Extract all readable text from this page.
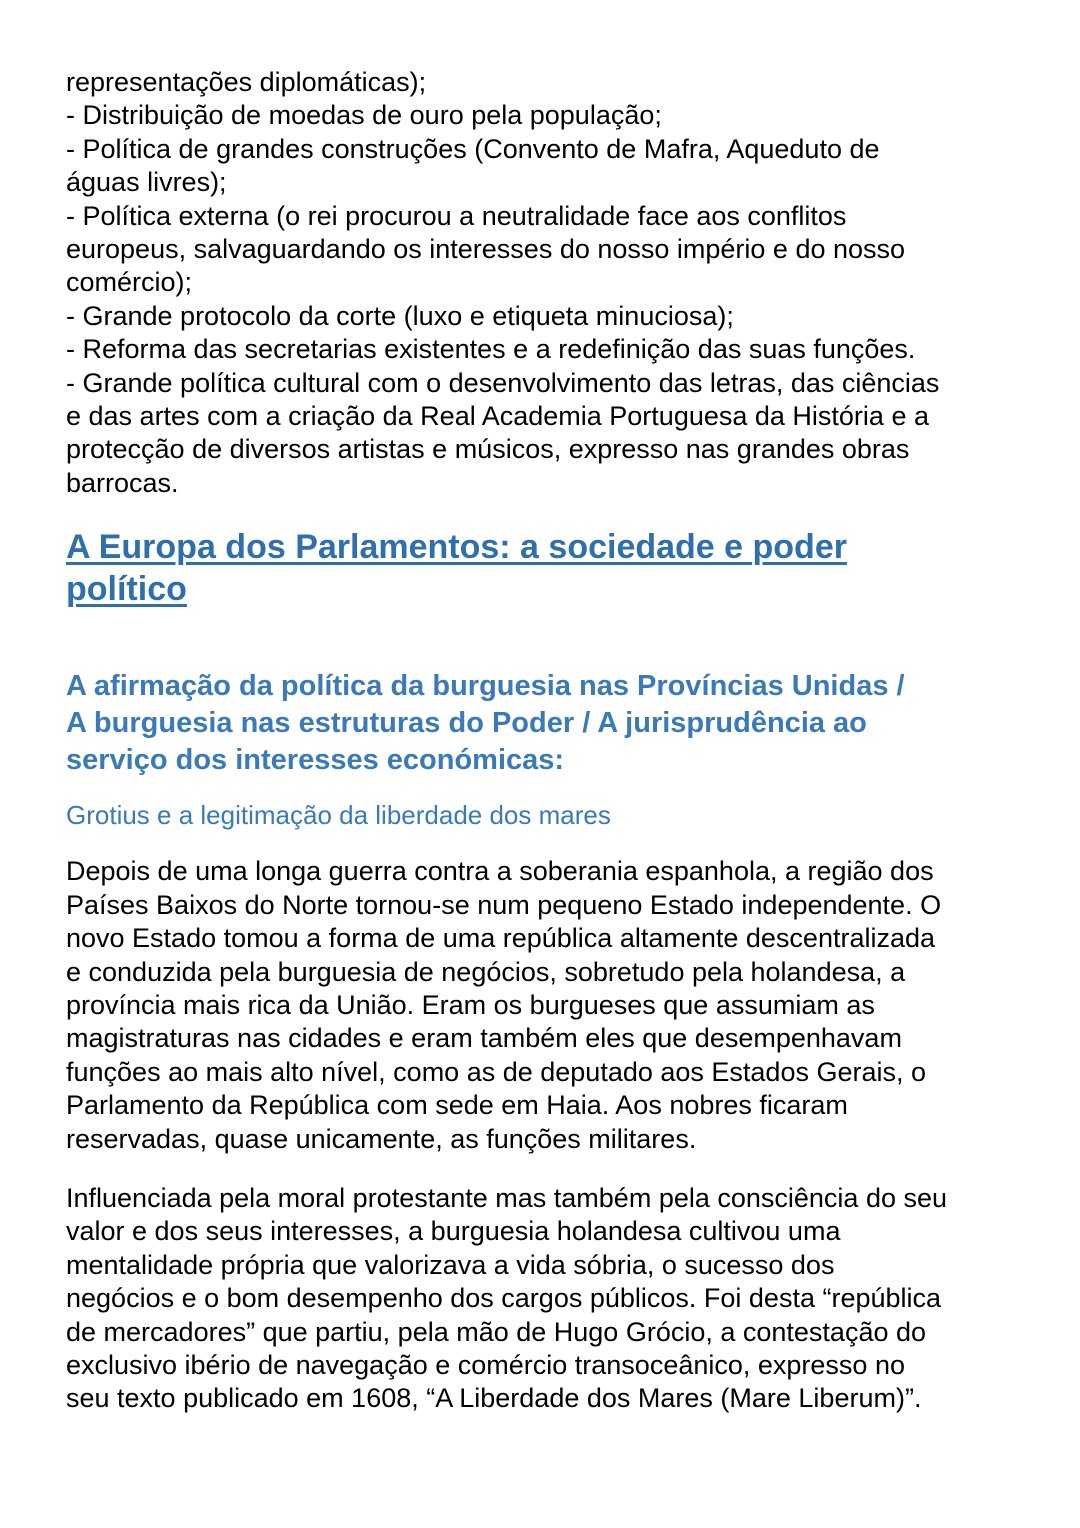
representações diplomáticas);
- Distribuição de moedas de ouro pela população;
- Política de grandes construções (Convento de Mafra, Aqueduto de
águas livres);
- Política externa (o rei procurou a neutralidade face aos conflitos
europeus, salvaguardando os interesses do nosso império e do nosso
comércio);
- Grande protocolo da corte (luxo e etiqueta minuciosa);
- Reforma das secretarias existentes e a redefinição das suas funções.
- Grande política cultural com o desenvolvimento das letras, das ciências
e das artes com a criação da Real Academia Portuguesa da História e a
protecção de diversos artistas e músicos, expresso nas grandes obras
barrocas.
A Europa dos Parlamentos: a sociedade e poder
político
A afirmação da política da burguesia nas Províncias Unidas /
A burguesia nas estruturas do Poder / A jurisprudência ao
serviço dos interesses económicas:
Grotius e a legitimação da liberdade dos mares
Depois de uma longa guerra contra a soberania espanhola, a região dos
Países Baixos do Norte tornou-se num pequeno Estado independente. O
novo Estado tomou a forma de uma república altamente descentralizada
e conduzida pela burguesia de negócios, sobretudo pela holandesa, a
província mais rica da União. Eram os burgueses que assumiam as
magistraturas nas cidades e eram também eles que desempenhavam
funções ao mais alto nível, como as de deputado aos Estados Gerais, o
Parlamento da República com sede em Haia. Aos nobres ficaram
reservadas, quase unicamente, as funções militares.
Influenciada pela moral protestante mas também pela consciência do seu
valor e dos seus interesses, a burguesia holandesa cultivou uma
mentalidade própria que valorizava a vida sóbria, o sucesso dos
negócios e o bom desempenho dos cargos públicos. Foi desta “república
de mercadores” que partiu, pela mão de Hugo Grócio, a contestação do
exclusivo ibério de navegação e comércio transoceânico, expresso no
seu texto publicado em 1608, “A Liberdade dos Mares (Mare Liberum)”.
